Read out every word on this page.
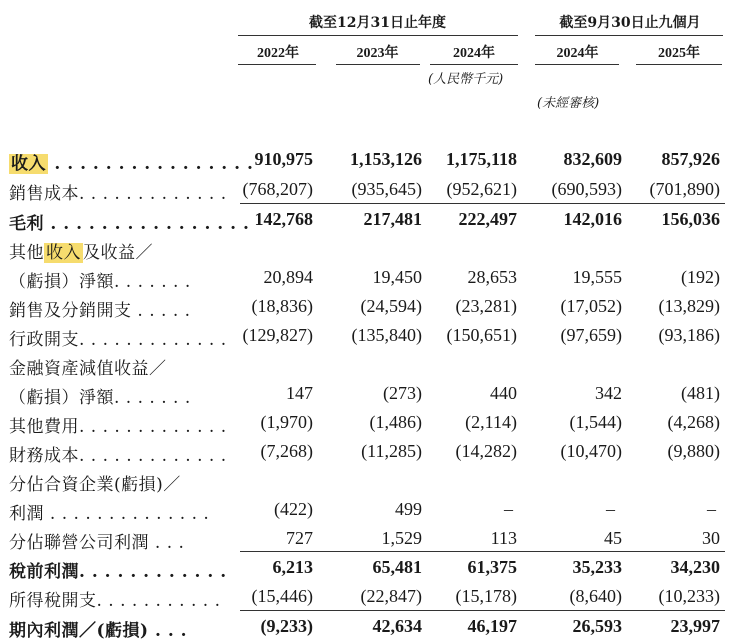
截至12月31日止年度	截至9月30日止九個月
2022年	2023年	2024年	2024年	2025年
(人民幣千元)
(未經審核)
收入 . . . . . . . . . . . . . . . . 910,975 1,153,126 1,175,118	832,609 857,926
銷售成本. . . . . . . . . . . . . (768,207) (935,645) (952,621) (690,593) (701,890)
毛利 . . . . . . . . . . . . . . . . 142,768	217,481 222,497	142,016 156,036
其他 收入 及收益／
（虧損）淨額. . . . . . .	20,894	19,450	28,653	19,555	(192)
銷售及分銷開支 . . . . .	(18,836)	(24,594) (23,281) (17,052) (13,829)
行政開支. . . . . . . . . . . . . (129,827) (135,840) (150,651) (97,659) (93,186)
金融資產減值收益／
（虧損）淨額. . . . . . .	147	(273)	440	342	(481)
其他費用. . . . . . . . . . . . . (1,970)	(1,486) (2,114)	(1,544)	(4,268)
財務成本. . . . . . . . . . . . . (7,268)	(11,285) (14,282) (10,470)	(9,880)
分佔合資企業(虧損)／
利潤 . . . . . . . . . . . . . .	(422)	499	–	–	–
分佔聯營公司利潤 . . .	727	1,529	113	45	30
稅前利潤. . . . . . . . . . . .	6,213	65,481	61,375	35,233	34,230
所得稅開支. . . . . . . . . . . (15,446)	(22,847) (15,178)	(8,640) (10,233)
期內利潤／(虧損) . . .	(9,233)	42,634	46,197	26,593	23,997
